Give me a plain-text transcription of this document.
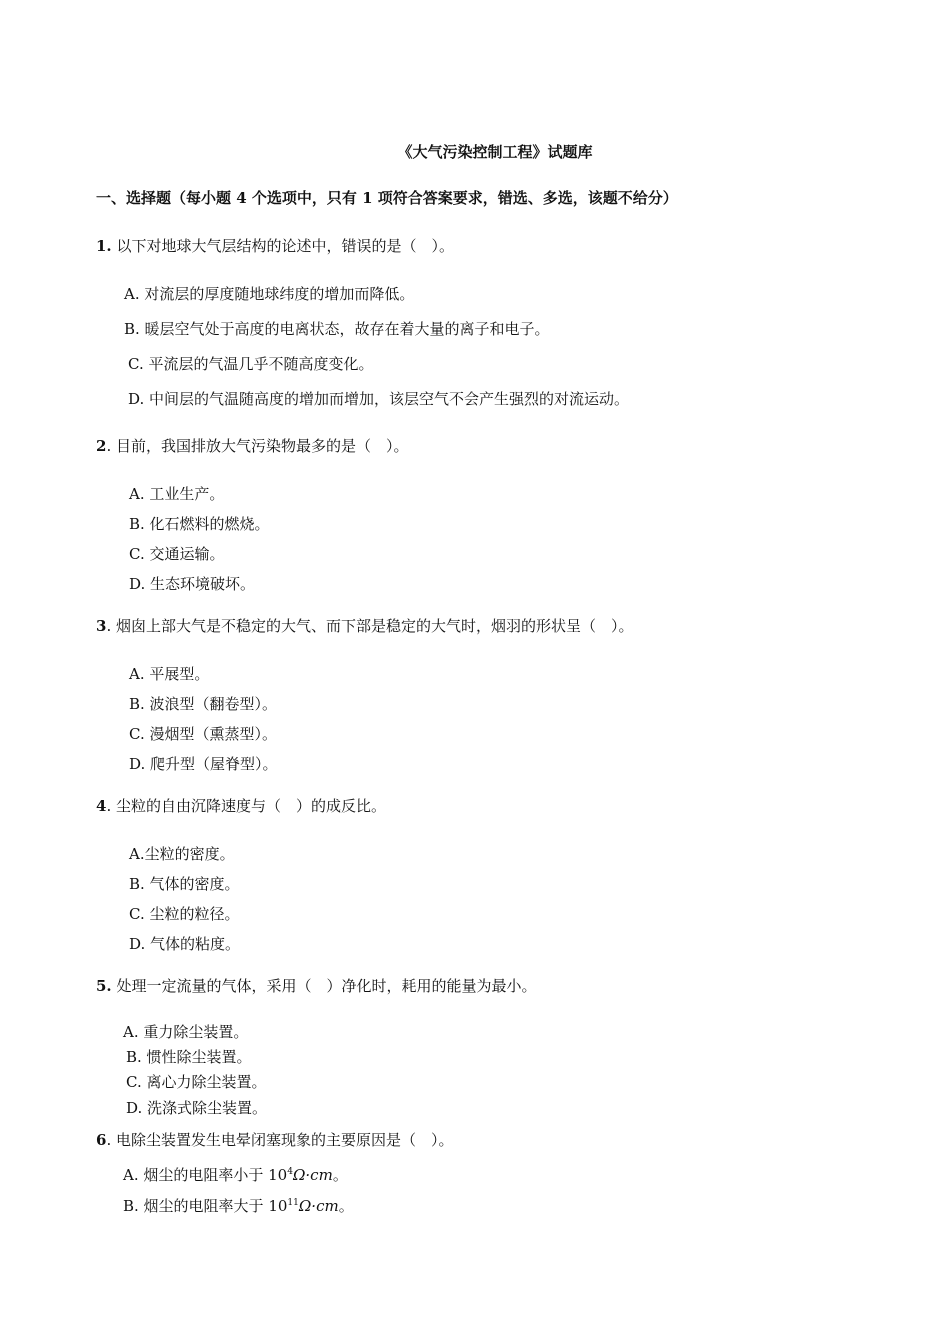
《大气污染控制工程》试题库
一、选择题（每小题 4 个选项中，只有 1 项符合答案要求，错选、多选，该题不给分）
1. 以下对地球大气层结构的论述中，错误的是（　）。
A. 对流层的厚度随地球纬度的增加而降低。
B. 暖层空气处于高度的电离状态，故存在着大量的离子和电子。
C. 平流层的气温几乎不随高度变化。
D. 中间层的气温随高度的增加而增加，该层空气不会产生强烈的对流运动。
2. 目前，我国排放大气污染物最多的是（　）。
A. 工业生产。
B. 化石燃料的燃烧。
C. 交通运输。
D. 生态环境破坏。
3. 烟囱上部大气是不稳定的大气、而下部是稳定的大气时，烟羽的形状呈（　）。
A. 平展型。
B. 波浪型（翻卷型）。
C. 漫烟型（熏蒸型）。
D. 爬升型（屋脊型）。
4. 尘粒的自由沉降速度与（　）的成反比。
A.尘粒的密度。
B. 气体的密度。
C. 尘粒的粒径。
D. 气体的粘度。
5. 处理一定流量的气体，采用（　）净化时，耗用的能量为最小。
A. 重力除尘装置。
B. 惯性除尘装置。
C. 离心力除尘装置。
D. 洗涤式除尘装置。
6. 电除尘装置发生电晕闭塞现象的主要原因是（　）。
A. 烟尘的电阻率小于 $10^4\Omega\cdot cm$。
B. 烟尘的电阻率大于 $10^{11}\Omega\cdot cm$。
